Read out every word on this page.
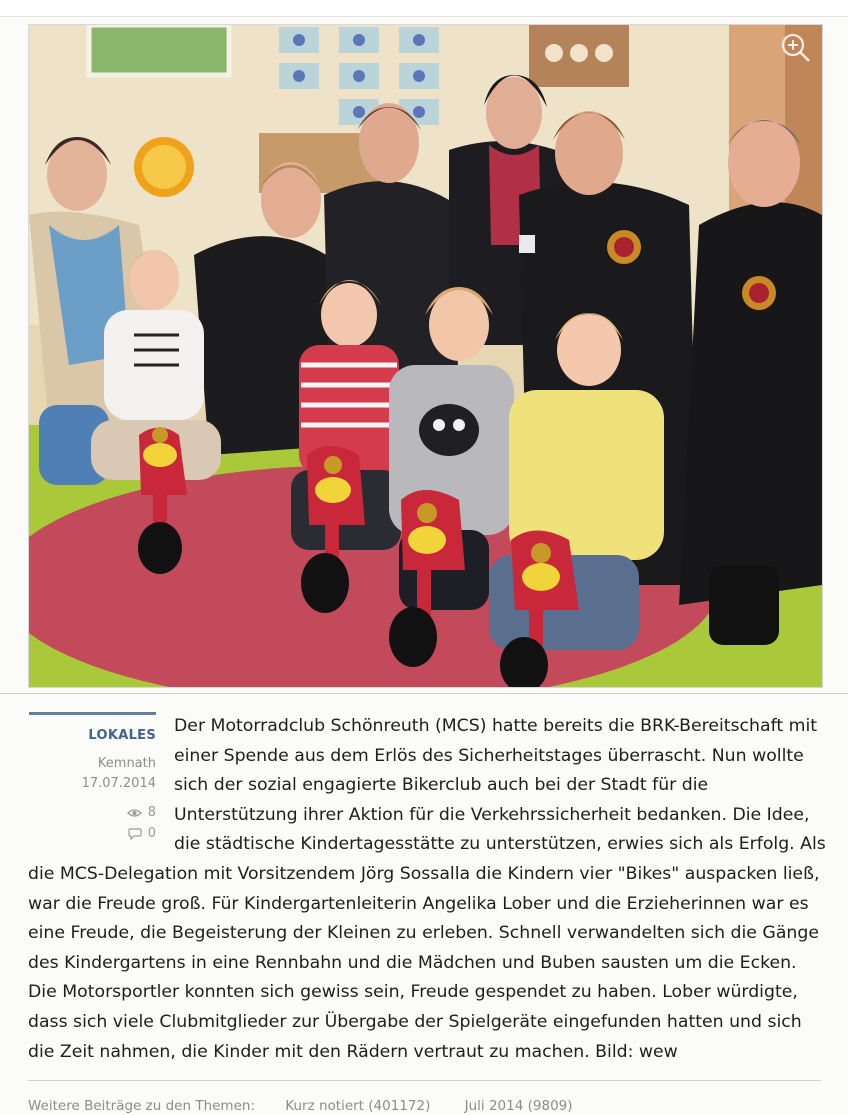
LOKALES
Kemnath
17.07.2014
8
0
Der Motorradclub Schönreuth (MCS) hatte bereits die BRK-Bereitschaft mit einer Spende aus dem Erlös des Sicherheitstages überrascht. Nun wollte sich der sozial engagierte Bikerclub auch bei der Stadt für die Unterstützung ihrer Aktion für die Verkehrssicherheit bedanken. Die Idee, die städtische Kindertagesstätte zu unterstützen, erwies sich als Erfolg. Als die MCS-Delegation mit Vorsitzendem Jörg Sossalla die Kindern vier "Bikes" auspacken ließ, war die Freude groß. Für Kindergartenleiterin Angelika Lober und die Erzieherinnen war es eine Freude, die Begeisterung der Kleinen zu erleben. Schnell verwandelten sich die Gänge des Kindergartens in eine Rennbahn und die Mädchen und Buben sausten um die Ecken. Die Motorsportler konnten sich gewiss sein, Freude gespendet zu haben. Lober würdigte, dass sich viele Clubmitglieder zur Übergabe der Spielgeräte eingefunden hatten und sich die Zeit nahmen, die Kinder mit den Rädern vertraut zu machen. Bild: wew
Weitere Beiträge zu den Themen: Kurz notiert (401172)	Juli 2014 (9809)
